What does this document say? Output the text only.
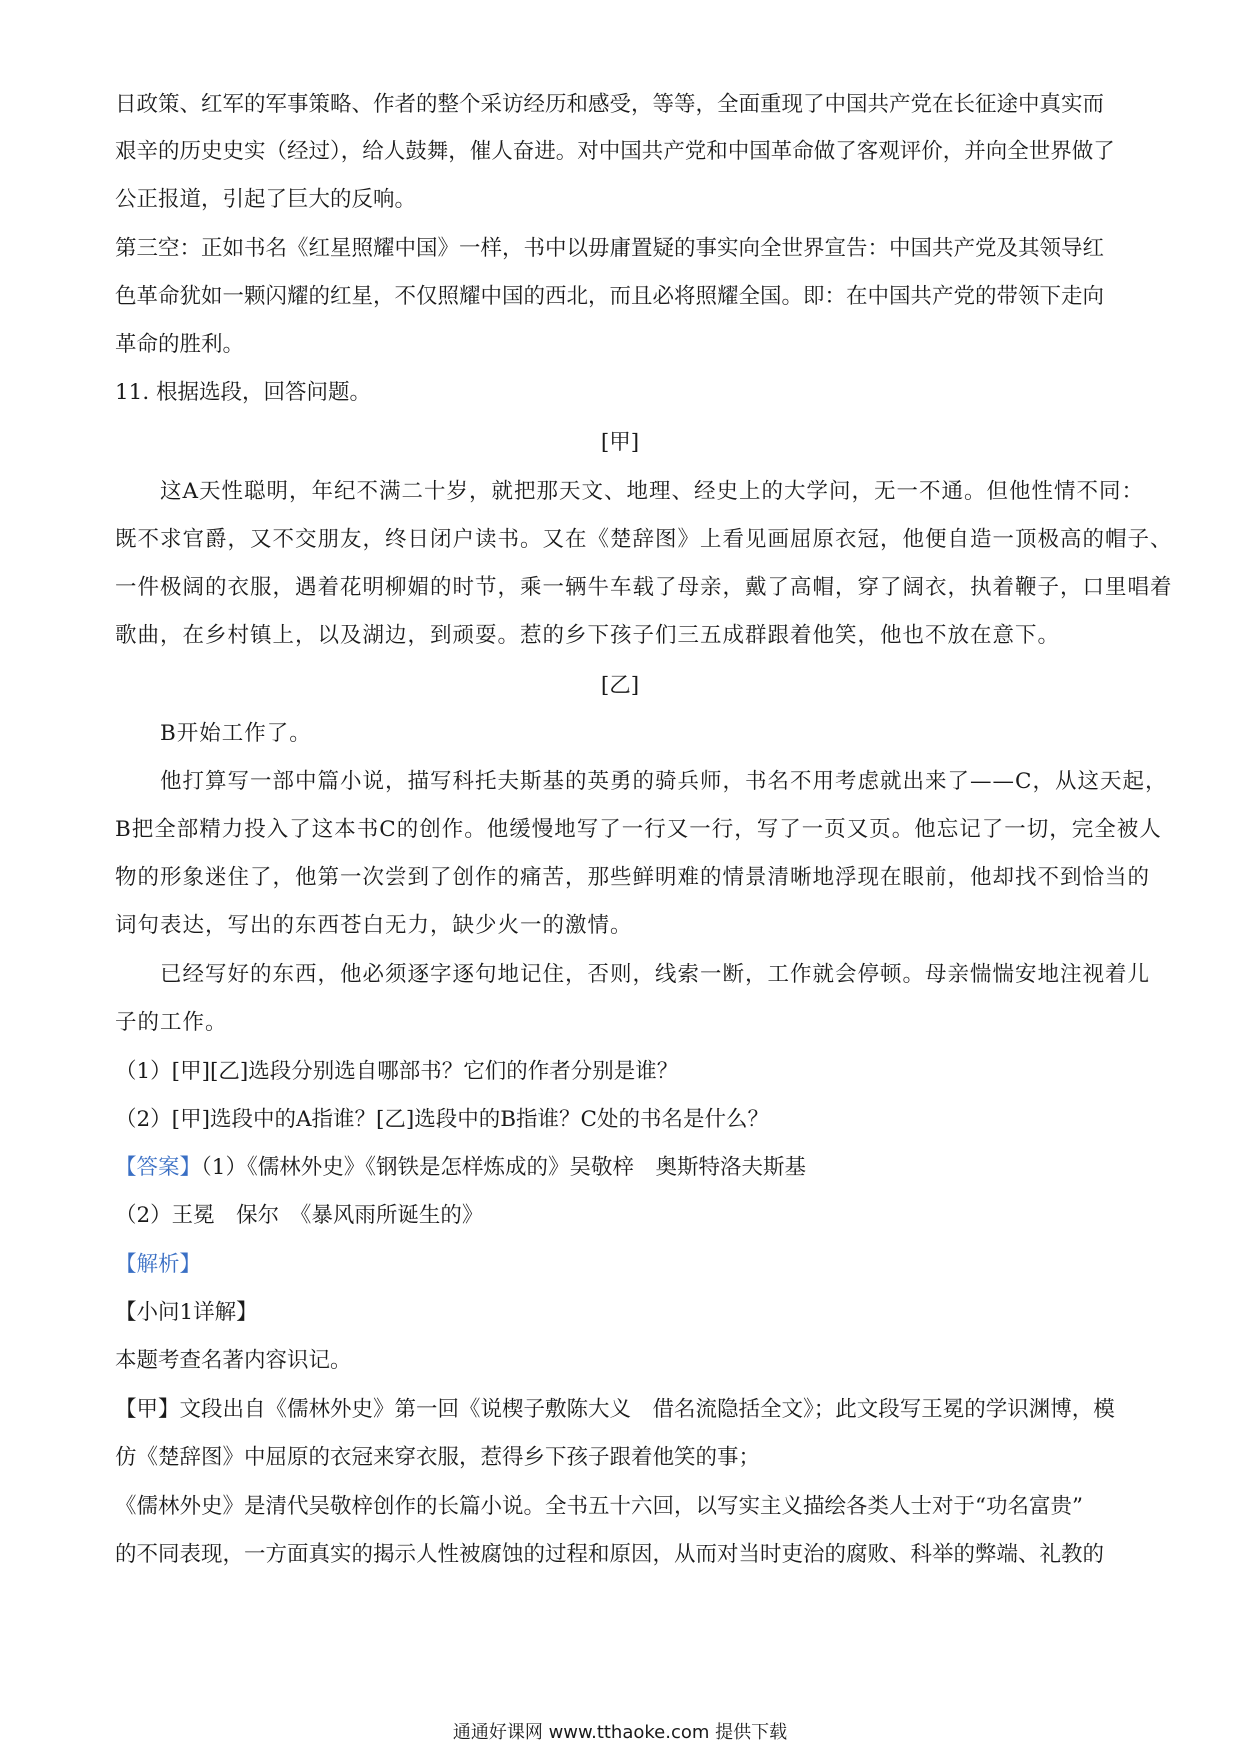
日政策、红军的军事策略、作者的整个采访经历和感受，等等，全面重现了中国共产党在长征途中真实而
艰辛的历史史实（经过），给人鼓舞，催人奋进。对中国共产党和中国革命做了客观评价，并向全世界做了
公正报道，引起了巨大的反响。
第三空：正如书名《红星照耀中国》一样，书中以毋庸置疑的事实向全世界宣告：中国共产党及其领导红
色革命犹如一颗闪耀的红星，不仅照耀中国的西北，而且必将照耀全国。即：在中国共产党的带领下走向
革命的胜利。
11. 根据选段，回答问题。
[甲]
　　这A天性聪明，年纪不满二十岁，就把那天文、地理、经史上的大学问，无一不通。但他性情不同：
既不求官爵，又不交朋友，终日闭户读书。又在《楚辞图》上看见画屈原衣冠，他便自造一顶极高的帽子、
一件极阔的衣服，遇着花明柳媚的时节，乘一辆牛车载了母亲，戴了高帽，穿了阔衣，执着鞭子，口里唱着
歌曲，在乡村镇上，以及湖边，到顽耍。惹的乡下孩子们三五成群跟着他笑，他也不放在意下。
[乙]
　　B开始工作了。
　　他打算写一部中篇小说，描写科托夫斯基的英勇的骑兵师，书名不用考虑就出来了——C，从这天起，
B把全部精力投入了这本书C的创作。他缓慢地写了一行又一行，写了一页又页。他忘记了一切，完全被人
物的形象迷住了，他第一次尝到了创作的痛苦，那些鲜明难的情景清晰地浮现在眼前，他却找不到恰当的
词句表达，写出的东西苍白无力，缺少火一的激情。
　　已经写好的东西，他必须逐字逐句地记住，否则，线索一断，工作就会停顿。母亲惴惴安地注视着儿
子的工作。
（1）[甲][乙]选段分别选自哪部书？它们的作者分别是谁？
（2）[甲]选段中的A指谁？[乙]选段中的B指谁？C处的书名是什么？
【答案】（1）《儒林外史》《钢铁是怎样炼成的》吴敬梓　奥斯特洛夫斯基
（2）王冕　保尔　《暴风雨所诞生的》
【解析】
【小问1详解】
本题考查名著内容识记。
【甲】文段出自《儒林外史》第一回《说楔子敷陈大义　借名流隐括全文》；此文段写王冕的学识渊博，模
仿《楚辞图》中屈原的衣冠来穿衣服，惹得乡下孩子跟着他笑的事；
《儒林外史》是清代吴敬梓创作的长篇小说。全书五十六回，以写实主义描绘各类人士对于“功名富贵”
的不同表现，一方面真实的揭示人性被腐蚀的过程和原因，从而对当时吏治的腐败、科举的弊端、礼教的
通通好课网 www.tthaoke.com 提供下载
